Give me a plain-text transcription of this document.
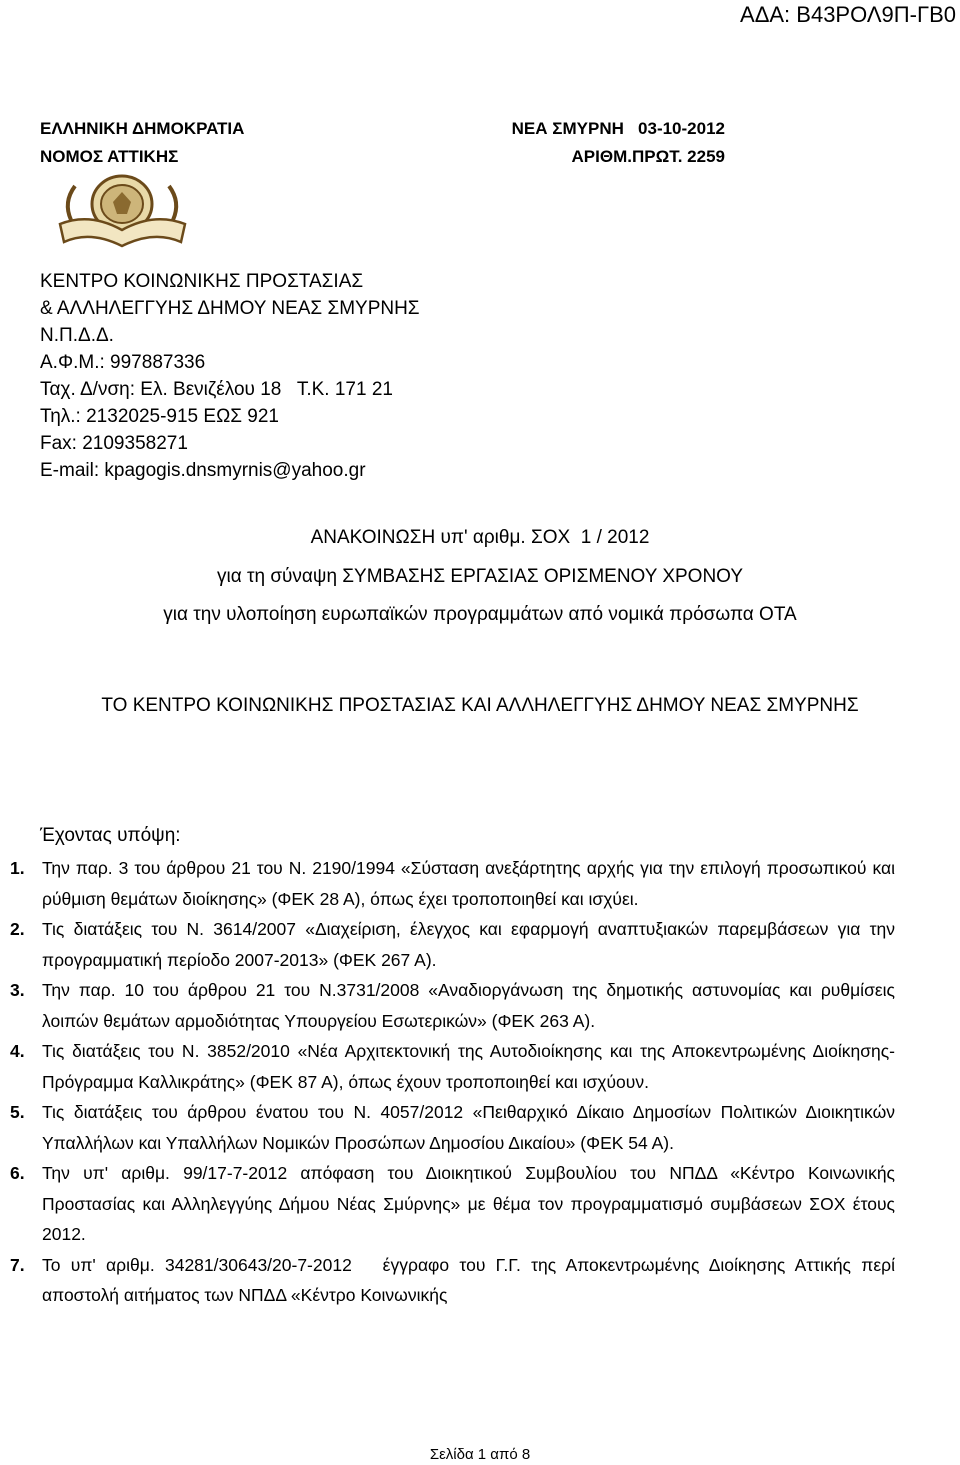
ΑΔΑ: Β43ΡΟΛ9Π-ΓΒ0
ΕΛΛΗΝΙΚΗ ΔΗΜΟΚΡΑΤΙΑ
ΝΟΜΟΣ ΑΤΤΙΚΗΣ
ΝΕΑ ΣΜΥΡΝΗ   03-10-2012
ΑΡΙΘΜ.ΠΡΩΤ. 2259
ΚΕΝΤΡΟ ΚΟΙΝΩΝΙΚΗΣ ΠΡΟΣΤΑΣΙΑΣ
& ΑΛΛΗΛΕΓΓΥΗΣ ΔΗΜΟΥ ΝΕΑΣ ΣΜΥΡΝΗΣ
Ν.Π.Δ.Δ.
Α.Φ.Μ.: 997887336
Ταχ. Δ/νση: Ελ. Βενιζέλου 18   Τ.Κ. 171 21
Τηλ.: 2132025-915 ΕΩΣ 921
Fax: 2109358271
E-mail: kpagogis.dnsmyrnis@yahoo.gr
ΑΝΑΚΟΙΝΩΣΗ υπ' αριθμ. ΣΟΧ  1 / 2012
για τη σύναψη ΣΥΜΒΑΣΗΣ ΕΡΓΑΣΙΑΣ ΟΡΙΣΜΕΝΟΥ ΧΡΟΝΟΥ
για την υλοποίηση ευρωπαϊκών προγραμμάτων από νομικά πρόσωπα ΟΤΑ
ΤΟ ΚΕΝΤΡΟ ΚΟΙΝΩΝΙΚΗΣ ΠΡΟΣΤΑΣΙΑΣ ΚΑΙ ΑΛΛΗΛΕΓΓΥΗΣ ΔΗΜΟΥ ΝΕΑΣ ΣΜΥΡΝΗΣ
Έχοντας υπόψη:
1. Την παρ. 3 του άρθρου 21 του Ν. 2190/1994 «Σύσταση ανεξάρτητης αρχής για την επιλογή προσωπικού και ρύθμιση θεμάτων διοίκησης» (ΦΕΚ 28 Α), όπως έχει τροποποιηθεί και ισχύει.
2. Τις διατάξεις του Ν. 3614/2007 «Διαχείριση, έλεγχος και εφαρμογή αναπτυξιακών παρεμβάσεων για την προγραμματική περίοδο 2007-2013» (ΦΕΚ 267 Α).
3. Την παρ. 10 του άρθρου 21 του Ν.3731/2008 «Αναδιοργάνωση της δημοτικής αστυνομίας και ρυθμίσεις λοιπών θεμάτων αρμοδιότητας Υπουργείου Εσωτερικών» (ΦΕΚ 263 Α).
4. Τις διατάξεις του Ν. 3852/2010 «Νέα Αρχιτεκτονική της Αυτοδιοίκησης και της Αποκεντρωμένης Διοίκησης- Πρόγραμμα Καλλικράτης» (ΦΕΚ 87 Α), όπως έχουν τροποποιηθεί και ισχύουν.
5. Τις διατάξεις του άρθρου ένατου του Ν. 4057/2012 «Πειθαρχικό Δίκαιο Δημοσίων Πολιτικών Διοικητικών Υπαλλήλων και Υπαλλήλων Νομικών Προσώπων Δημοσίου Δικαίου» (ΦΕΚ 54 Α).
6. Την υπ' αριθμ. 99/17-7-2012 απόφαση του Διοικητικού Συμβουλίου του ΝΠΔΔ «Κέντρο Κοινωνικής Προστασίας και Αλληλεγγύης Δήμου Νέας Σμύρνης» με θέμα τον προγραμματισμό συμβάσεων ΣΟΧ έτους 2012.
7. Το υπ' αριθμ. 34281/30643/20-7-2012   έγγραφο του Γ.Γ. της Αποκεντρωμένης Διοίκησης Αττικής περί αποστολή αιτήματος των ΝΠΔΔ «Κέντρο Κοινωνικής
Σελίδα 1 από 8
